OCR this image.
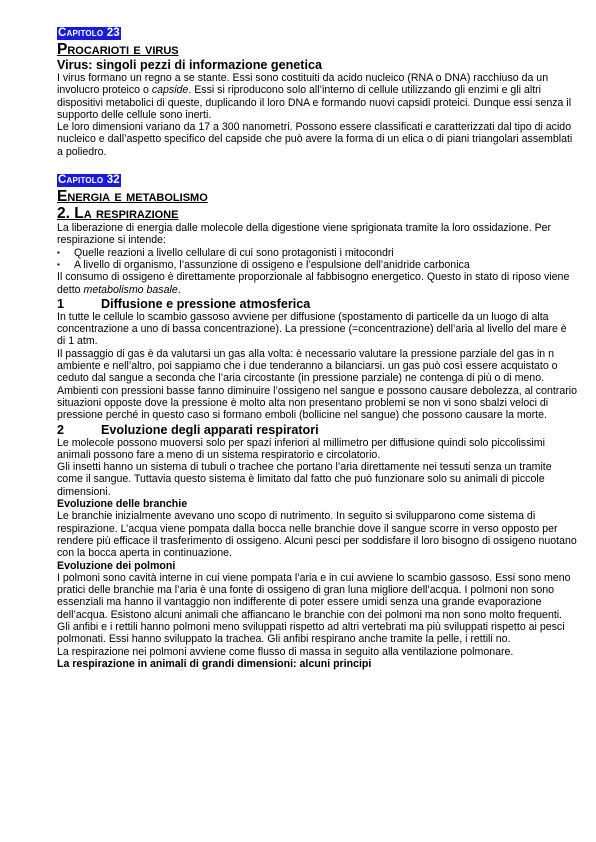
Capitolo 23
Procarioti e virus
Virus: singoli pezzi di informazione genetica

I virus formano un regno a se stante. Essi sono costituiti da acido nucleico (RNA o DNA) racchiuso da un involucro proteico o capside. Essi si riproducono solo all’interno di cellule utilizzando gli enzimi e gli altri dispositivi metabolici di queste, duplicando il loro DNA e formando nuovi capsidi proteici. Dunque essi senza il supporto delle cellule sono inerti.

Le loro dimensioni variano da 17 a 300 nanometri. Possono essere classificati e caratterizzati dal tipo di acido nucleico e dall’aspetto specifico del capside che può avere la forma di un elica o di piani triangolari assemblati a poliedro.

Capitolo 32
Energia e metabolismo
2. La respirazione

La liberazione di energia dalle molecole della digestione viene sprigionata tramite la loro ossidazione. Per respirazione si intende:

▪	Quelle reazioni a livello cellulare di cui sono protagonisti i mitocondri
▪	A livello di organismo, l’assunzione di ossigeno e l’espulsione dell’anidride carbonica

Il consumo di ossigeno è direttamente proporzionale al fabbisogno energetico. Questo in stato di riposo viene detto metabolismo basale.

1	Diffusione e pressione atmosferica

In tutte le cellule lo scambio gassoso avviene per diffusione (spostamento di particelle da un luogo di alta concentrazione a uno di bassa concentrazione). La pressione (=concentrazione) dell’aria al livello del mare è di 1 atm.

Il passaggio di gas è da valutarsi un gas alla volta: è necessario valutare la pressione parziale del gas in n ambiente e nell’altro, poi sappiamo che i due tenderanno a bilanciarsi. un gas può così essere acquistato o ceduto dal sangue a seconda che l’aria circostante (in pressione parziale) ne contenga di più o di meno.

Ambienti con pressioni basse fanno diminuire l’ossigeno nel sangue e possono causare debolezza, al contrario situazioni opposte dove la pressione è molto alta non presentano problemi se non vi sono sbalzi veloci di pressione perché in questo caso si formano emboli (bollicine nel sangue) che possono causare la morte.

2	Evoluzione degli apparati respiratori

Le molecole possono muoversi solo per spazi inferiori al millimetro per diffusione quindi solo piccolissimi animali possono fare a meno di un sistema respiratorio e circolatorio.

Gli insetti hanno un sistema di tubuli o trachee che portano l’aria direttamente nei tessuti senza un tramite come il sangue. Tuttavia questo sistema è limitato dal fatto che può funzionare solo su animali di piccole dimensioni.

Evoluzione delle branchie

Le branchie inizialmente avevano uno scopo di nutrimento. In seguito si svilupparono come sistema di respirazione. L’acqua viene pompata dalla bocca nelle branchie dove il sangue scorre in verso opposto per rendere più efficace il trasferimento di ossigeno. Alcuni pesci per soddisfare il loro bisogno di ossigeno nuotano con la bocca aperta in continuazione.

Evoluzione dei polmoni

I polmoni sono cavità interne in cui viene pompata l’aria e in cui avviene lo scambio gassoso. Essi sono meno pratici delle branchie ma l’aria è una fonte di ossigeno di gran luna migliore dell’acqua. I polmoni non sono essenziali ma hanno il vantaggio non indifferente di poter essere umidi senza una grande evaporazione dell’acqua. Esistono alcuni animali che affiancano le branchie con dei polmoni ma non sono molto frequenti. Gli anfibi e i rettili hanno polmoni meno sviluppati rispetto ad altri vertebrati ma più sviluppati rispetto ai pesci polmonati. Essi hanno sviluppato la trachea. Gli anfibi respirano anche tramite la pelle, i rettili no.

La respirazione nei polmoni avviene come flusso di massa in seguito alla ventilazione polmonare.

La respirazione in animali di grandi dimensioni: alcuni principi
